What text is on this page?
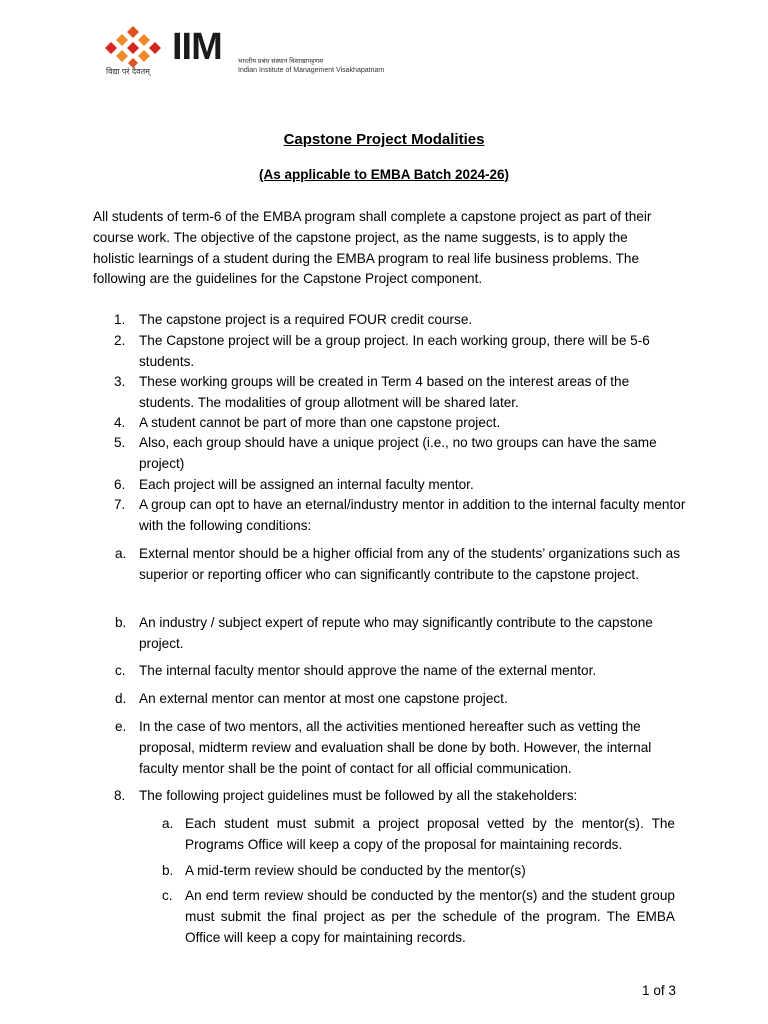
IIM भारतीय प्रबंध संस्थान विशाखापट्टणम
Indian Institute of Management Visakhapatnam
विद्या परं दैवतम्
Capstone Project Modalities
(As applicable to EMBA Batch 2024-26)
All students of term-6 of the EMBA program shall complete a capstone project as part of their course work. The objective of the capstone project, as the name suggests, is to apply the holistic learnings of a student during the EMBA program to real life business problems. The following are the guidelines for the Capstone Project component.
1.	The capstone project is a required FOUR credit course.
2.	The Capstone project will be a group project. In each working group, there will be 5-6 students.
3.	These working groups will be created in Term 4 based on the interest areas of the students. The modalities of group allotment will be shared later.
4.	A student cannot be part of more than one capstone project.
5.	Also, each group should have a unique project (i.e., no two groups can have the same project)
6.	Each project will be assigned an internal faculty mentor.
7.	A group can opt to have an eternal/industry mentor in addition to the internal faculty mentor with the following conditions:
a. External mentor should be a higher official from any of the students’ organizations such as superior or reporting officer who can significantly contribute to the capstone project.
b. An industry / subject expert of repute who may significantly contribute to the capstone project.
c. The internal faculty mentor should approve the name of the external mentor.
d. An external mentor can mentor at most one capstone project.
e. In the case of two mentors, all the activities mentioned hereafter such as vetting the proposal, midterm review and evaluation shall be done by both. However, the internal faculty mentor shall be the point of contact for all official communication.
8.	The following project guidelines must be followed by all the stakeholders:
a. Each student must submit a project proposal vetted by the mentor(s). The Programs Office will keep a copy of the proposal for maintaining records.
b. A mid-term review should be conducted by the mentor(s)
c. An end term review should be conducted by the mentor(s) and the student group must submit the final project as per the schedule of the program. The EMBA Office will keep a copy for maintaining records.
1 of 3
